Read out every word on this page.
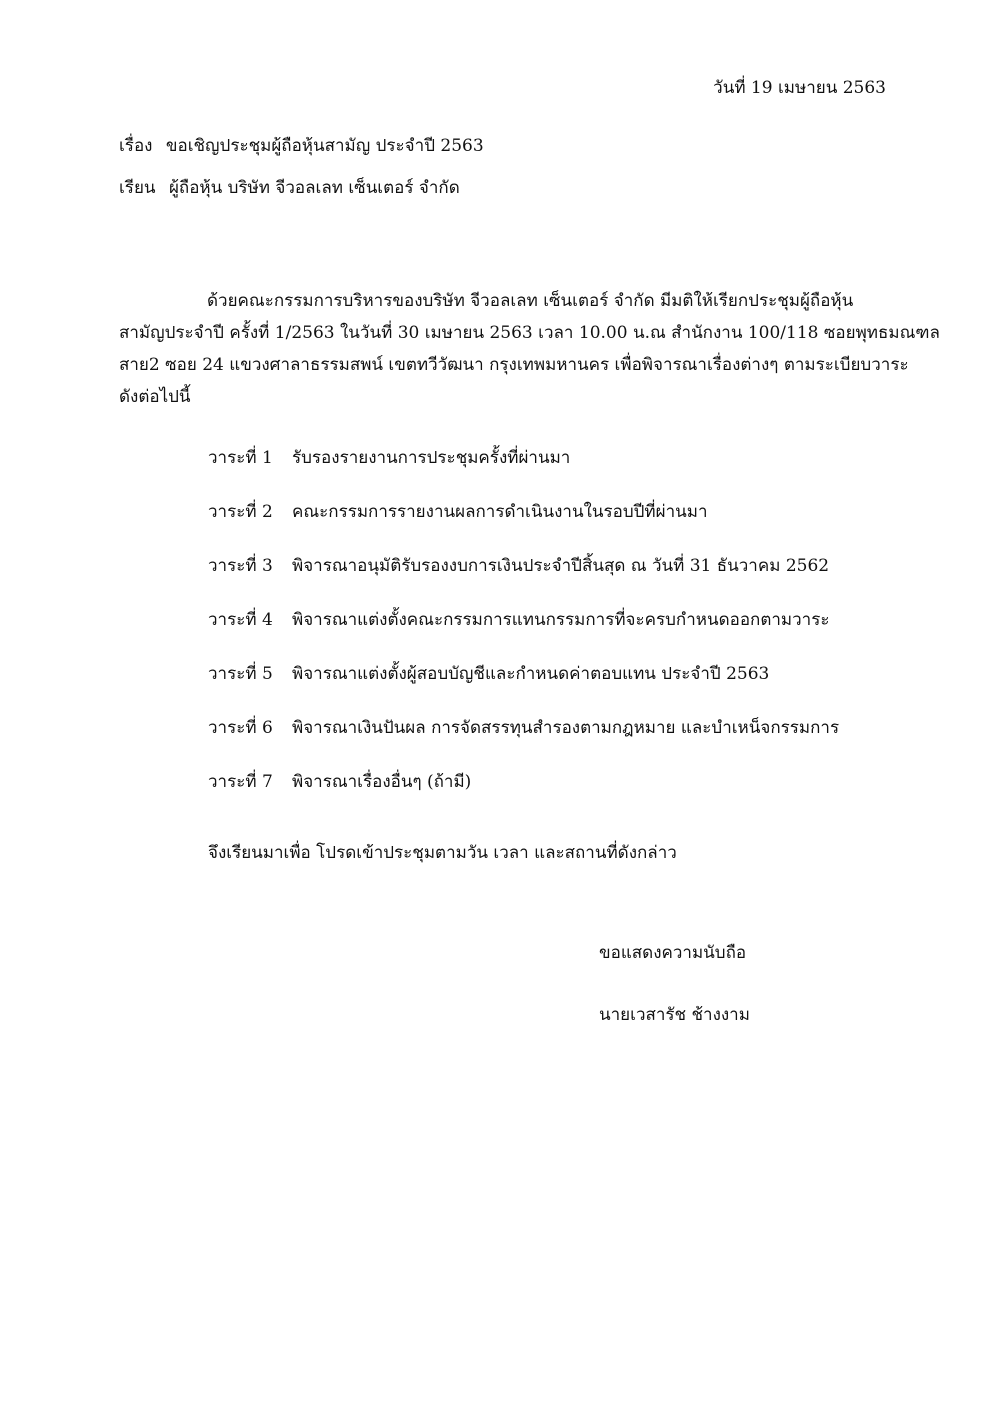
วันที่ 19 เมษายน 2563
เรื่อง ขอเชิญประชุมผู้ถือหุ้นสามัญ ประจำปี 2563
เรียน ผู้ถือหุ้น บริษัท จีวอลเลท เซ็นเตอร์ จำกัด
ด้วยคณะกรรมการบริหารของบริษัท จีวอลเลท เซ็นเตอร์ จำกัด มีมติให้เรียกประชุมผู้ถือหุ้น
สามัญประจำปี ครั้งที่ 1/2563 ในวันที่ 30 เมษายน 2563 เวลา 10.00 น.ณ สำนักงาน 100/118 ซอยพุทธมณฑล
สาย2 ซอย 24 แขวงศาลาธรรมสพน์ เขตทวีวัฒนา กรุงเทพมหานคร เพื่อพิจารณาเรื่องต่างๆ ตามระเบียบวาระ
ดังต่อไปนี้
วาระที่ 1	รับรองรายงานการประชุมครั้งที่ผ่านมา
วาระที่ 2	คณะกรรมการรายงานผลการดำเนินงานในรอบปีที่ผ่านมา
วาระที่ 3	พิจารณาอนุมัติรับรองงบการเงินประจำปีสิ้นสุด ณ วันที่ 31 ธันวาคม 2562
วาระที่ 4	พิจารณาแต่งตั้งคณะกรรมการแทนกรรมการที่จะครบกำหนดออกตามวาระ
วาระที่ 5	พิจารณาแต่งตั้งผู้สอบบัญชีและกำหนดค่าตอบแทน ประจำปี 2563
วาระที่ 6	พิจารณาเงินปันผล การจัดสรรทุนสำรองตามกฎหมาย และบำเหน็จกรรมการ
วาระที่ 7	พิจารณาเรื่องอื่นๆ (ถ้ามี)
จึงเรียนมาเพื่อ โปรดเข้าประชุมตามวัน เวลา และสถานที่ดังกล่าว
ขอแสดงความนับถือ
นายเวสารัช ช้างงาม
